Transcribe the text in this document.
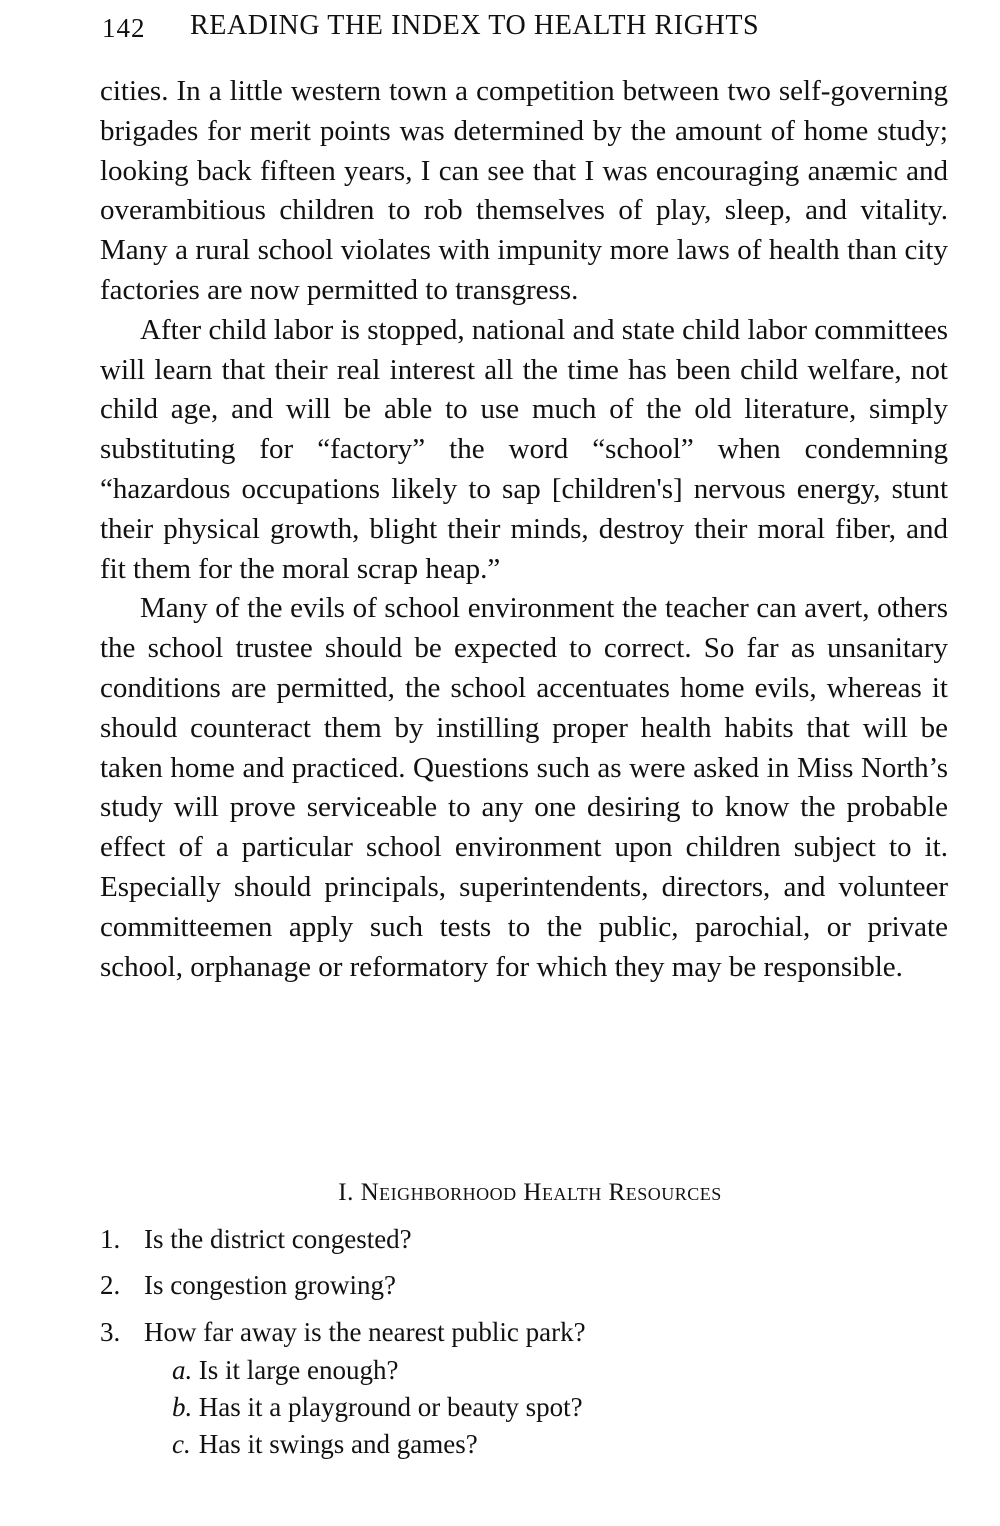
142 READING THE INDEX TO HEALTH RIGHTS

cities. In a little western town a competition between two self-governing brigades for merit points was determined by the amount of home study; looking back fifteen years, I can see that I was encouraging anæmic and overambitious children to rob themselves of play, sleep, and vitality. Many a rural school violates with impunity more laws of health than city factories are now permitted to transgress.

After child labor is stopped, national and state child labor committees will learn that their real interest all the time has been child welfare, not child age, and will be able to use much of the old literature, simply substituting for “factory” the word “school” when condemning “hazardous occupations likely to sap [children's] nervous energy, stunt their physical growth, blight their minds, destroy their moral fiber, and fit them for the moral scrap heap.”

Many of the evils of school environment the teacher can avert, others the school trustee should be expected to correct. So far as unsanitary conditions are permitted, the school accentuates home evils, whereas it should counteract them by instilling proper health habits that will be taken home and practiced. Questions such as were asked in Miss North’s study will prove serviceable to any one desiring to know the probable effect of a particular school environment upon children subject to it. Especially should principals, superintendents, directors, and volunteer committeemen apply such tests to the public, parochial, or private school, orphanage or reformatory for which they may be responsible.

I. Neighborhood Health Resources
1. Is the district congested?
2. Is congestion growing?
3. How far away is the nearest public park?
a. Is it large enough?
b. Has it a playground or beauty spot?
c. Has it swings and games?
